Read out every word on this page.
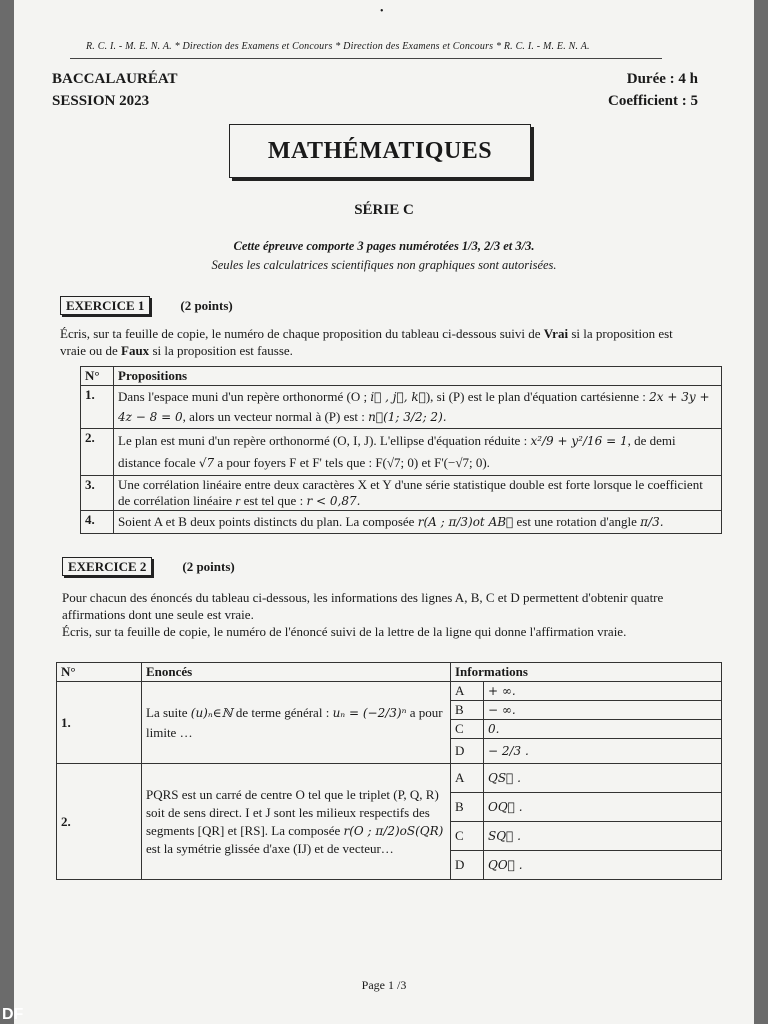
•
R. C. I. - M. E. N. A. * Direction des Examens et Concours * Direction des Examens et Concours * R. C. I. - M. E. N. A.
BACCALAURÉAT
SESSION 2023
Durée : 4 h
Coefficient : 5
MATHÉMATIQUES
SÉRIE C
Cette épreuve comporte 3 pages numérotées 1/3, 2/3 et 3/3.
Seules les calculatrices scientifiques non graphiques sont autorisées.
EXERCICE 1	(2 points)
Écris, sur ta feuille de copie, le numéro de chaque proposition du tableau ci-dessous suivi de Vrai si la proposition est vraie ou de Faux si la proposition est fausse.
N°	Propositions
1.	Dans l'espace muni d'un repère orthonormé (O ; i⃗ , j⃗, k⃗), si (P) est le plan d'équation cartésienne : 2x + 3y + 4z − 8 = 0, alors un vecteur normal à (P) est : n⃗(1; 3/2; 2).
2.	Le plan est muni d'un repère orthonormé (O, I, J). L'ellipse d'équation réduite : x²/9 + y²/16 = 1, de demi distance focale √7 a pour foyers F et F' tels que : F(√7; 0) et F'(−√7; 0).
3.	Une corrélation linéaire entre deux caractères X et Y d'une série statistique double est forte lorsque le coefficient de corrélation linéaire r est tel que : r < 0,87.
4.	Soient A et B deux points distincts du plan. La composée r(A ; π/3)ot AB⃗ est une rotation d'angle π/3.
EXERCICE 2	(2 points)
Pour chacun des énoncés du tableau ci-dessous, les informations des lignes A, B, C et D permettent d'obtenir quatre affirmations dont une seule est vraie.
Écris, sur ta feuille de copie, le numéro de l'énoncé suivi de la lettre de la ligne qui donne l'affirmation vraie.
N°	Enoncés	Informations	
1.	La suite (u)ₙ∈ℕ de terme général : uₙ = (−2/3)ⁿ a pour limite …	A	+ ∞.
		B	− ∞.
		C	0.
		D	− 2/3 .
2.	PQRS est un carré de centre O tel que le triplet (P, Q, R) soit de sens direct. I et J sont les milieux respectifs des segments [QR] et [RS]. La composée r(O ; π/2)oS(QR) est la symétrie glissée d'axe (IJ) et de vecteur…	A	QS⃗ .
		B	OQ⃗ .
		C	SQ⃗ .
		D	QO⃗ .
Page 1 /3
DF
